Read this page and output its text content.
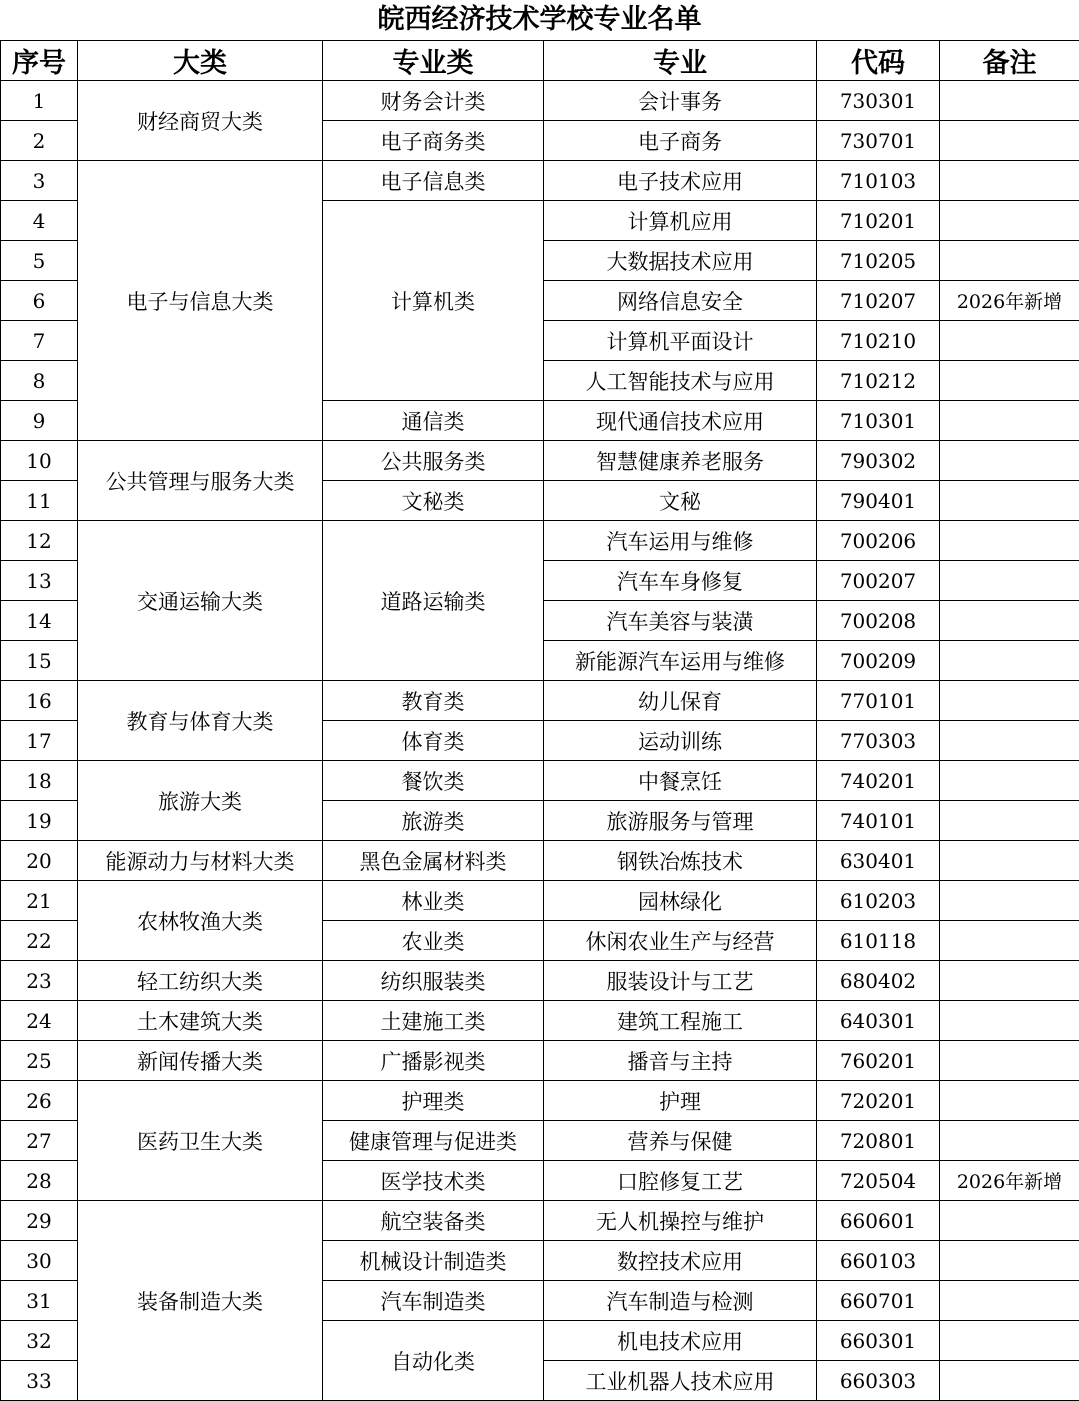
皖西经济技术学校专业名单
序号	大类	专业类	专业	代码	备注
1	财经商贸大类	财务会计类	会计事务	730301	
2		电子商务类	电子商务	730701	
3	电子与信息大类	电子信息类	电子技术应用	710103	
4		计算机类	计算机应用	710201	
5			大数据技术应用	710205	
6			网络信息安全	710207	2026年新增
7			计算机平面设计	710210	
8			人工智能技术与应用	710212	
9		通信类	现代通信技术应用	710301	
10	公共管理与服务大类	公共服务类	智慧健康养老服务	790302	
11		文秘类	文秘	790401	
12	交通运输大类	道路运输类	汽车运用与维修	700206	
13			汽车车身修复	700207	
14			汽车美容与装潢	700208	
15			新能源汽车运用与维修	700209	
16	教育与体育大类	教育类	幼儿保育	770101	
17		体育类	运动训练	770303	
18	旅游大类	餐饮类	中餐烹饪	740201	
19		旅游类	旅游服务与管理	740101	
20	能源动力与材料大类	黑色金属材料类	钢铁冶炼技术	630401	
21	农林牧渔大类	林业类	园林绿化	610203	
22		农业类	休闲农业生产与经营	610118	
23	轻工纺织大类	纺织服装类	服装设计与工艺	680402	
24	土木建筑大类	土建施工类	建筑工程施工	640301	
25	新闻传播大类	广播影视类	播音与主持	760201	
26	医药卫生大类	护理类	护理	720201	
27		健康管理与促进类	营养与保健	720801	
28		医学技术类	口腔修复工艺	720504	2026年新增
29	装备制造大类	航空装备类	无人机操控与维护	660601	
30		机械设计制造类	数控技术应用	660103	
31		汽车制造类	汽车制造与检测	660701	
32		自动化类	机电技术应用	660301	
33			工业机器人技术应用	660303	
